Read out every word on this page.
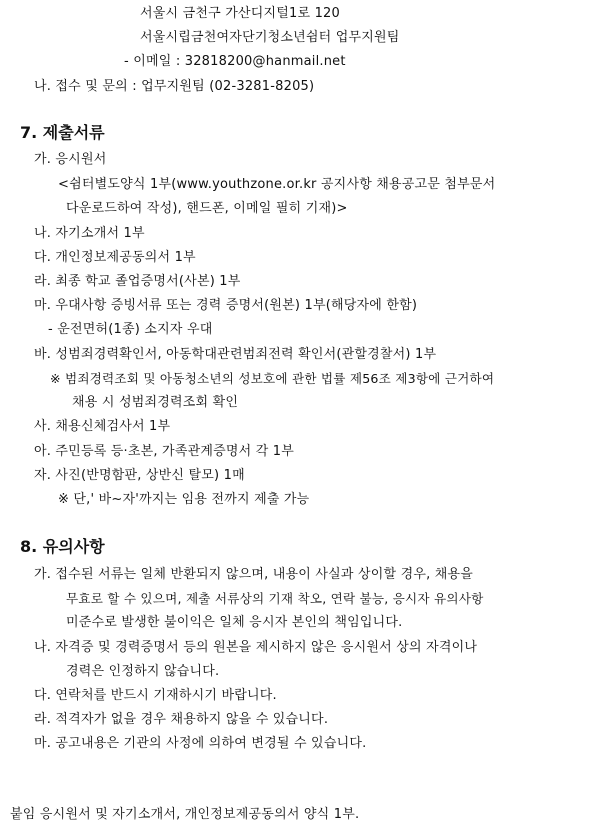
서울시 금천구 가산디지털1로 120
서울시립금천여자단기청소년쉼터 업무지원팀
- 이메일 : 32818200@hanmail.net
나. 접수 및 문의 : 업무지원팀 (02-3281-8205)
7. 제출서류
가. 응시원서
<쉼터별도양식 1부(www.youthzone.or.kr 공지사항 채용공고문 첨부문서
다운로드하여 작성), 핸드폰, 이메일 필히 기재)>
나. 자기소개서 1부
다. 개인정보제공동의서 1부
라. 최종 학교 졸업증명서(사본) 1부
마. 우대사항 증빙서류 또는 경력 증명서(원본) 1부(해당자에 한함)
- 운전면허(1종) 소지자 우대
바. 성범죄경력확인서, 아동학대관련범죄전력 확인서(관할경찰서) 1부
※ 범죄경력조회 및 아동청소년의 성보호에 관한 법률 제56조 제3항에 근거하여
채용 시 성범죄경력조회 확인
사. 채용신체검사서 1부
아. 주민등록 등·초본, 가족관계증명서 각 1부
자. 사진(반명함판, 상반신 탈모) 1매
※ 단,' 바~자'까지는 임용 전까지 제출 가능
8. 유의사항
가. 접수된 서류는 일체 반환되지 않으며, 내용이 사실과 상이할 경우, 채용을
무효로 할 수 있으며, 제출 서류상의 기재 착오, 연락 불능, 응시자 유의사항
미준수로 발생한 불이익은 일체 응시자 본인의 책임입니다.
나. 자격증 및 경력증명서 등의 원본을 제시하지 않은 응시원서 상의 자격이나
경력은 인정하지 않습니다.
다. 연락처를 반드시 기재하시기 바랍니다.
라. 적격자가 없을 경우 채용하지 않을 수 있습니다.
마. 공고내용은 기관의 사정에 의하여 변경될 수 있습니다.
붙임 응시원서 및 자기소개서, 개인정보제공동의서 양식 1부.
